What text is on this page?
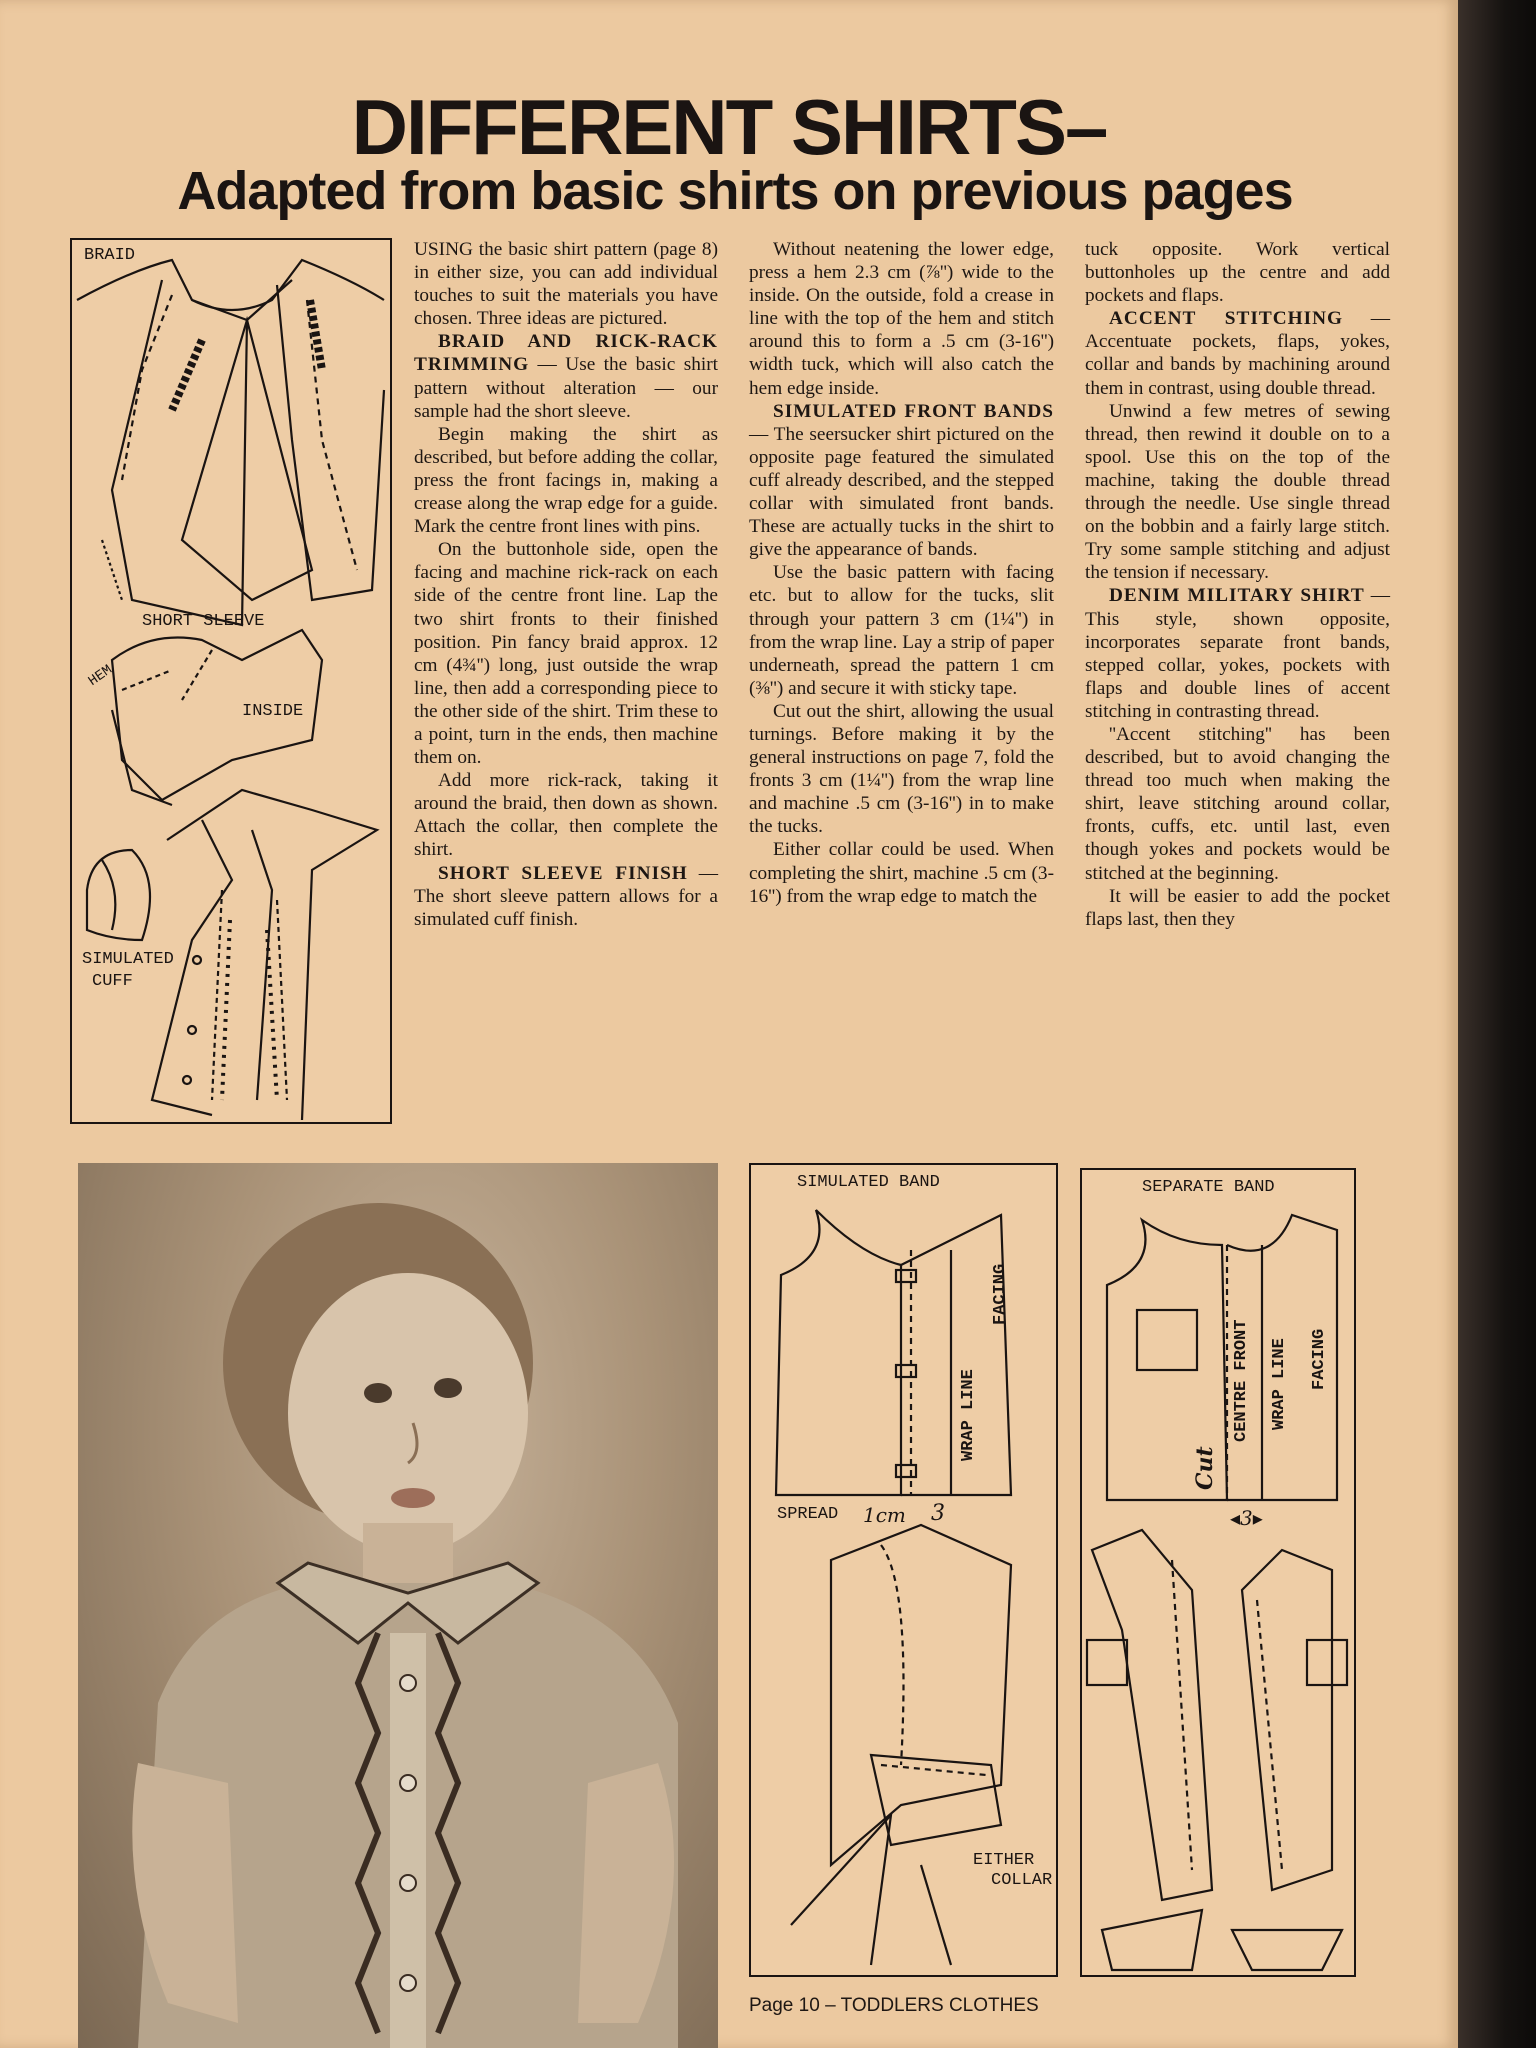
DIFFERENT SHIRTS–
Adapted from basic shirts on previous pages
BRAID
SHORT SLEEVE
HEM
INSIDE
SIMULATED
CUFF

USING the basic shirt pattern (page 8) in either size, you can add individual touches to suit the materials you have chosen. Three ideas are pictured.

BRAID AND RICK-RACK TRIMMING — Use the basic shirt pattern without alteration — our sample had the short sleeve.

Begin making the shirt as described, but before adding the collar, press the front facings in, making a crease along the wrap edge for a guide. Mark the centre front lines with pins.

On the buttonhole side, open the facing and machine rick-rack on each side of the centre front line. Lap the two shirt fronts to their finished position. Pin fancy braid approx. 12 cm (4¾'') long, just outside the wrap line, then add a corresponding piece to the other side of the shirt. Trim these to a point, turn in the ends, then machine them on.

Add more rick-rack, taking it around the braid, then down as shown. Attach the collar, then complete the shirt.

SHORT SLEEVE FINISH — The short sleeve pattern allows for a simulated cuff finish.

Without neatening the lower edge, press a hem 2.3 cm (⅞'') wide to the inside. On the outside, fold a crease in line with the top of the hem and stitch around this to form a .5 cm (3-16'') width tuck, which will also catch the hem edge inside.

SIMULATED FRONT BANDS — The seersucker shirt pictured on the opposite page featured the simulated cuff already described, and the stepped collar with simulated front bands. These are actually tucks in the shirt to give the appearance of bands.

Use the basic pattern with facing etc. but to allow for the tucks, slit through your pattern 3 cm (1¼'') in from the wrap line. Lay a strip of paper underneath, spread the pattern 1 cm (⅜'') and secure it with sticky tape.

Cut out the shirt, allowing the usual turnings. Before making it by the general instructions on page 7, fold the fronts 3 cm (1¼'') from the wrap line and machine .5 cm (3-16'') in to make the tucks.

Either collar could be used. When completing the shirt, machine .5 cm (3-16'') from the wrap edge to match the

tuck opposite. Work vertical buttonholes up the centre and add pockets and flaps.

ACCENT STITCHING — Accentuate pockets, flaps, yokes, collar and bands by machining around them in contrast, using double thread.

Unwind a few metres of sewing thread, then rewind it double on to a spool. Use this on the top of the machine, taking the double thread through the needle. Use single thread on the bobbin and a fairly large stitch. Try some sample stitching and adjust the tension if necessary.

DENIM MILITARY SHIRT — This style, shown opposite, incorporates separate front bands, stepped collar, yokes, pockets with flaps and double lines of accent stitching in contrasting thread.

''Accent stitching'' has been described, but to avoid changing the thread too much when making the shirt, leave stitching around collar, fronts, cuffs, etc. until last, even though yokes and pockets would be stitched at the beginning.

It will be easier to add the pocket flaps last, then they

SIMULATED BAND
FACING
WRAP LINE
SPREAD 1cm 3
EITHER
COLLAR
SEPARATE BAND
Cut
CENTRE FRONT WRAP LINE FACING
◂3▸
Page 10 – TODDLERS CLOTHES
